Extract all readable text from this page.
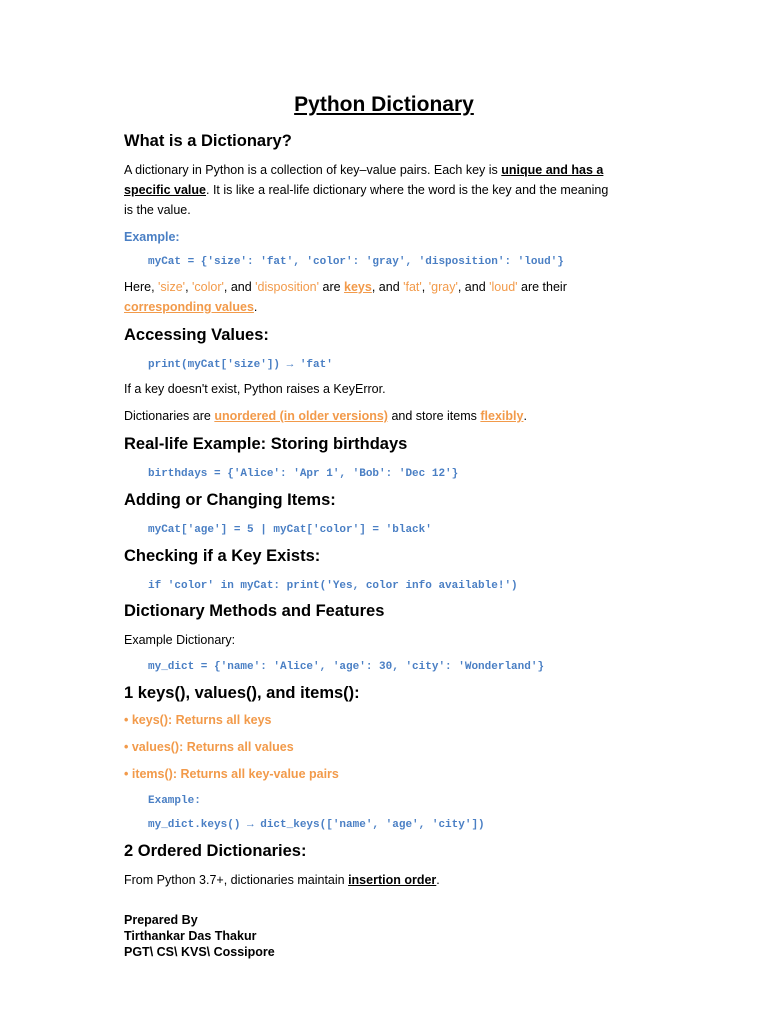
Python Dictionary
What is a Dictionary?
A dictionary in Python is a collection of key–value pairs. Each key is unique and has a
specific value. It is like a real-life dictionary where the word is the key and the meaning
is the value.
Example:
myCat = {'size': 'fat', 'color': 'gray', 'disposition': 'loud'}
Here, 'size', 'color', and 'disposition' are keys, and 'fat', 'gray', and 'loud' are their
corresponding values.
Accessing Values:
print(myCat['size']) → 'fat'
If a key doesn't exist, Python raises a KeyError.
Dictionaries are unordered (in older versions) and store items flexibly.
Real-life Example: Storing birthdays
birthdays = {'Alice': 'Apr 1', 'Bob': 'Dec 12'}
Adding or Changing Items:
myCat['age'] = 5 | myCat['color'] = 'black'
Checking if a Key Exists:
if 'color' in myCat: print('Yes, color info available!')
Dictionary Methods and Features
Example Dictionary:
my_dict = {'name': 'Alice', 'age': 30, 'city': 'Wonderland'}
1 keys(), values(), and items():
• keys(): Returns all keys
• values(): Returns all values
• items(): Returns all key-value pairs
Example:
my_dict.keys() → dict_keys(['name', 'age', 'city'])
2 Ordered Dictionaries:
From Python 3.7+, dictionaries maintain insertion order.
Prepared By
Tirthankar Das Thakur
PGT\ CS\ KVS\ Cossipore
